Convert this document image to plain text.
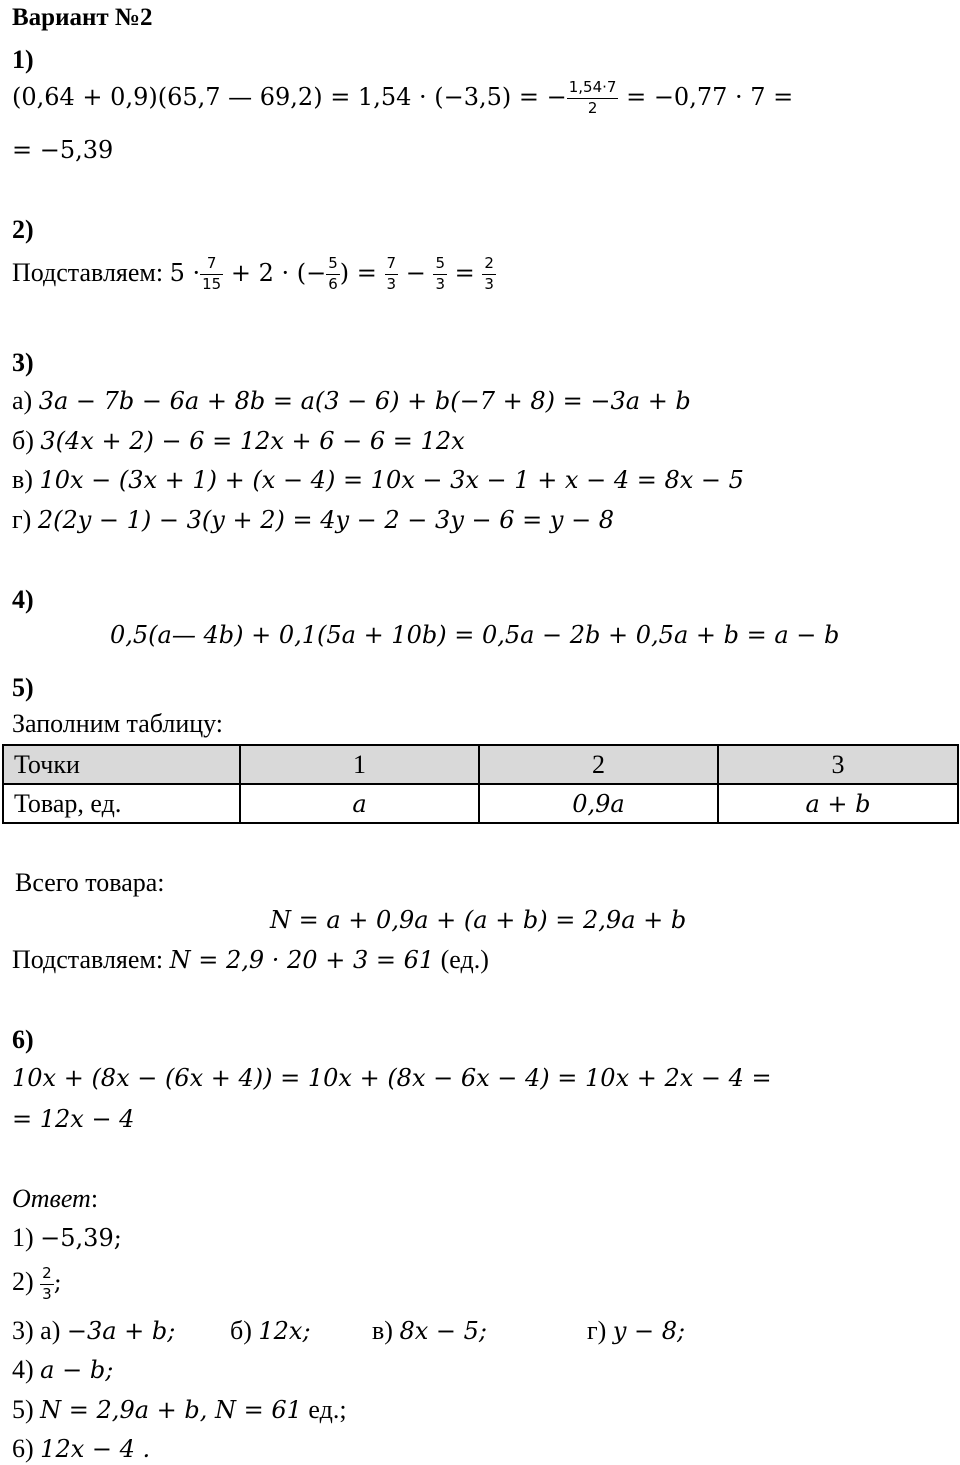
Вариант №2
1)
(0,64 + 0,9)(65,7 — 69,2) = 1,54 · (−3,5) = − $\frac{1,54\cdot 7}{2} = -0,77 \cdot 7$ =
= −5,39
2)
Подставляем: $5 \cdot \frac{7}{15} + 2$ · (− $\frac{5}{6}$ ) = $\frac{7}{3} - \frac{5}{3} = \frac{2}{3}$
3)
а) 3a − 7b − 6a + 8b = a(3 − 6) + b(−7 + 8) = −3a + b
б) 3(4x + 2) − 6 = 12x + 6 − 6 = 12x
в) 10x − (3x + 1) + (x − 4) = 10x − 3x − 1 + x − 4 = 8x − 5
г) 2(2y − 1) − 3(y + 2) = 4y − 2 − 3y − 6 = y − 8
4)
0,5(a— 4b) + 0,1(5a + 10b) = 0,5a − 2b + 0,5a + b = a − b
5)
Заполним таблицу:
Точки	1	2	3
Товар, ед.	a	0,9a	a + b
Всего товара:
N = a + 0,9a + (a + b) = 2,9a + b
Подставляем: N = 2,9 · 20 + 3 = 61 (ед.)
6)
10x + (8x − (6x + 4)) = 10x + (8x − 6x − 4) = 10x + 2x − 4 =
= 12x − 4
Ответ:
1) −5,39;
$2) \frac{2}{3}$ ;
3) а) −3a + b; б) 12x; в) 8x − 5;	г) y − 8;
4) a − b;
5) N = 2,9a + b, N = 61 ед.;
6) 12x − 4 .
